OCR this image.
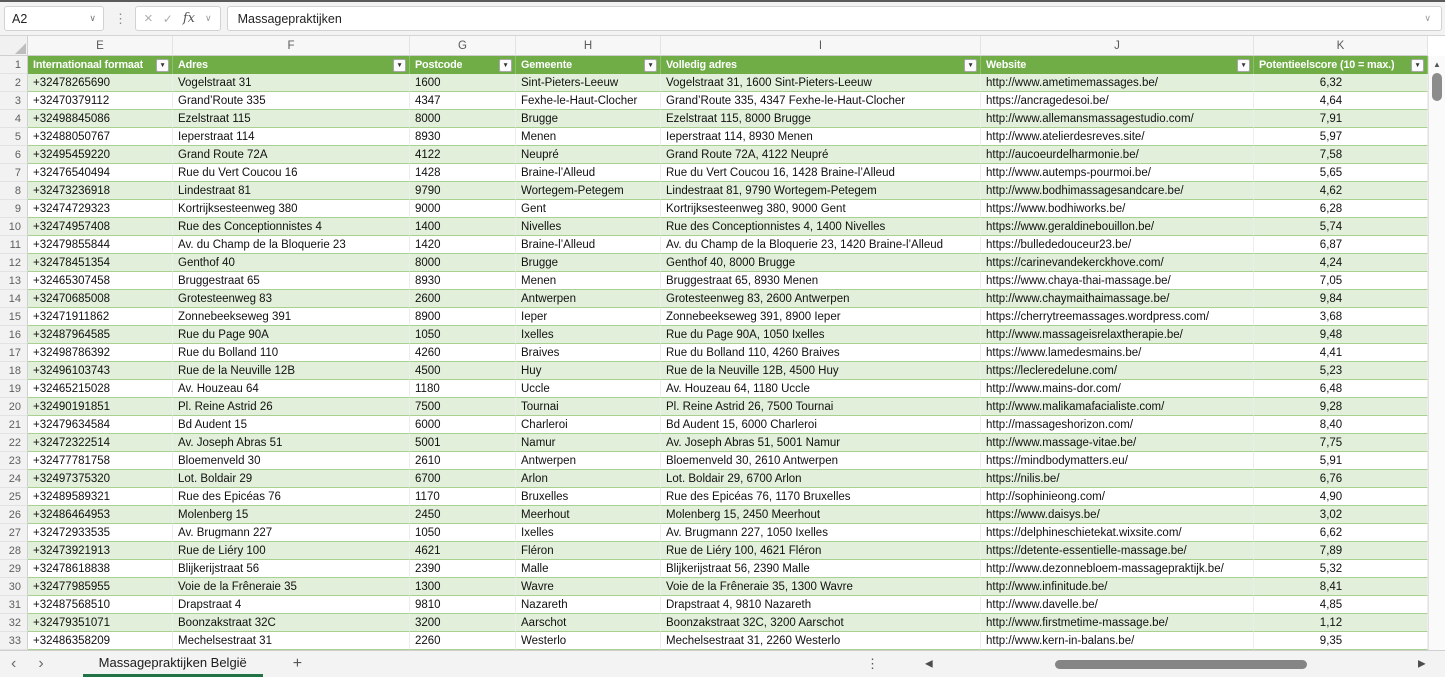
A2	∨	⋮	× ✓ fx ∨ Massagepraktijken	∨
E	F	G	H	I	J	K
1	Internationaal formaat	▼	Adres	▼	Postcode	▼	Gemeente	▼	Volledig adres	▼	Website	▼	Potentieelscore (10 = max.)	▼
2	+32478265690	Vogelstraat 31	1600	Sint-Pieters-Leeuw	Vogelstraat 31, 1600 Sint-Pieters-Leeuw	http://www.ametimemassages.be/	6,32
3	+32470379112	Grand’Route 335	4347	Fexhe-le-Haut-Clocher	Grand’Route 335, 4347 Fexhe-le-Haut-Clocher	https://ancragedesoi.be/	4,64
4	+32498845086	Ezelstraat 115	8000	Brugge	Ezelstraat 115, 8000 Brugge	http://www.allemansmassagestudio.com/	7,91
5	+32488050767	Ieperstraat 114	8930	Menen	Ieperstraat 114, 8930 Menen	http://www.atelierdesreves.site/	5,97
6	+32495459220	Grand Route 72A	4122	Neupré	Grand Route 72A, 4122 Neupré	http://aucoeurdelharmonie.be/	7,58
7	+32476540494	Rue du Vert Coucou 16	1428	Braine-l’Alleud	Rue du Vert Coucou 16, 1428 Braine-l’Alleud	http://www.autemps-pourmoi.be/	5,65
8	+32473236918	Lindestraat 81	9790	Wortegem-Petegem	Lindestraat 81, 9790 Wortegem-Petegem	http://www.bodhimassagesandcare.be/	4,62
9	+32474729323	Kortrijksesteenweg 380	9000	Gent	Kortrijksesteenweg 380, 9000 Gent	https://www.bodhiworks.be/	6,28
10	+32474957408	Rue des Conceptionnistes 4	1400	Nivelles	Rue des Conceptionnistes 4, 1400 Nivelles	https://www.geraldinebouillon.be/	5,74
11	+32479855844	Av. du Champ de la Bloquerie 23	1420	Braine-l’Alleud	Av. du Champ de la Bloquerie 23, 1420 Braine-l’Alleud	https://bullededouceur23.be/	6,87
12	+32478451354	Genthof 40	8000	Brugge	Genthof 40, 8000 Brugge	https://carinevandekerckhove.com/	4,24
13	+32465307458	Bruggestraat 65	8930	Menen	Bruggestraat 65, 8930 Menen	https://www.chaya-thai-massage.be/	7,05
14	+32470685008	Grotesteenweg 83	2600	Antwerpen	Grotesteenweg 83, 2600 Antwerpen	http://www.chaymaithaimassage.be/	9,84
15	+32471911862	Zonnebeekseweg 391	8900	Ieper	Zonnebeekseweg 391, 8900 Ieper	https://cherrytreemassages.wordpress.com/	3,68
16	+32487964585	Rue du Page 90A	1050	Ixelles	Rue du Page 90A, 1050 Ixelles	http://www.massageisrelaxtherapie.be/	9,48
17	+32498786392	Rue du Bolland 110	4260	Braives	Rue du Bolland 110, 4260 Braives	https://www.lamedesmains.be/	4,41
18	+32496103743	Rue de la Neuville 12B	4500	Huy	Rue de la Neuville 12B, 4500 Huy	https://lecleredelune.com/	5,23
19	+32465215028	Av. Houzeau 64	1180	Uccle	Av. Houzeau 64, 1180 Uccle	http://www.mains-dor.com/	6,48
20	+32490191851	Pl. Reine Astrid 26	7500	Tournai	Pl. Reine Astrid 26, 7500 Tournai	http://www.malikamafacialiste.com/	9,28
21	+32479634584	Bd Audent 15	6000	Charleroi	Bd Audent 15, 6000 Charleroi	http://massageshorizon.com/	8,40
22	+32472322514	Av. Joseph Abras 51	5001	Namur	Av. Joseph Abras 51, 5001 Namur	http://www.massage-vitae.be/	7,75
23	+32477781758	Bloemenveld 30	2610	Antwerpen	Bloemenveld 30, 2610 Antwerpen	https://mindbodymatters.eu/	5,91
24	+32497375320	Lot. Boldair 29	6700	Arlon	Lot. Boldair 29, 6700 Arlon	https://nilis.be/	6,76
25	+32489589321	Rue des Epicéas 76	1170	Bruxelles	Rue des Epicéas 76, 1170 Bruxelles	http://sophinieong.com/	4,90
26	+32486464953	Molenberg 15	2450	Meerhout	Molenberg 15, 2450 Meerhout	https://www.daisys.be/	3,02
27	+32472933535	Av. Brugmann 227	1050	Ixelles	Av. Brugmann 227, 1050 Ixelles	https://delphineschietekat.wixsite.com/	6,62
28	+32473921913	Rue de Liéry 100	4621	Fléron	Rue de Liéry 100, 4621 Fléron	https://detente-essentielle-massage.be/	7,89
29	+32478618838	Blijkerijstraat 56	2390	Malle	Blijkerijstraat 56, 2390 Malle	http://www.dezonnebloem-massagepraktijk.be/	5,32
30	+32477985955	Voie de la Frêneraie 35	1300	Wavre	Voie de la Frêneraie 35, 1300 Wavre	http://www.infinitude.be/	8,41
31	+32487568510	Drapstraat 4	9810	Nazareth	Drapstraat 4, 9810 Nazareth	http://www.davelle.be/	4,85
32	+32479351071	Boonzakstraat 32C	3200	Aarschot	Boonzakstraat 32C, 3200 Aarschot	http://www.firstmetime-massage.be/	1,12
33	+32486358209	Mechelsestraat 31	2260	Westerlo	Mechelsestraat 31, 2260 Westerlo	http://www.kern-in-balans.be/	9,35
▲
‹	›	Massagepraktijken België	+	⋮	◀	▶
